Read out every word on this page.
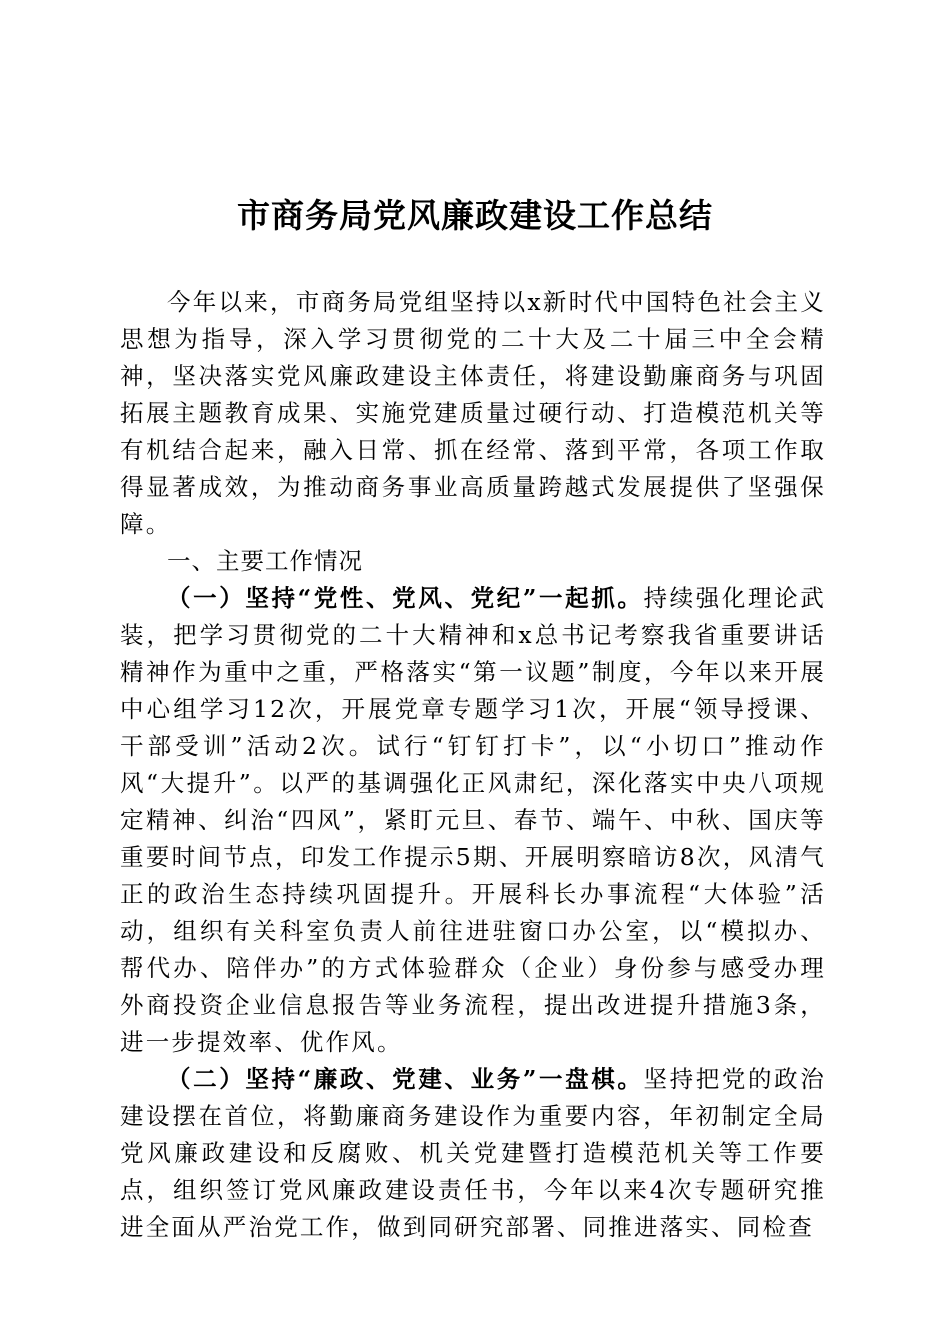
市商务局党风廉政建设工作总结

今年以来，市商务局党组坚持以x新时代中国特色社会主义思想为指导，深入学习贯彻党的二十大及二十届三中全会精神，坚决落实党风廉政建设主体责任，将建设勤廉商务与巩固拓展主题教育成果、实施党建质量过硬行动、打造模范机关等有机结合起来，融入日常、抓在经常、落到平常，各项工作取得显著成效，为推动商务事业高质量跨越式发展提供了坚强保障。

一、主要工作情况

（一）坚持“党性、党风、党纪”一起抓。持续强化理论武装，把学习贯彻党的二十大精神和x总书记考察我省重要讲话精神作为重中之重，严格落实“第一议题”制度，今年以来开展中心组学习12次，开展党章专题学习1次，开展“领导授课、干部受训”活动2次。试行“钉钉打卡”，以“小切口”推动作风“大提升”。以严的基调强化正风肃纪，深化落实中央八项规定精神、纠治“四风”，紧盯元旦、春节、端午、中秋、国庆等重要时间节点，印发工作提示5期、开展明察暗访8次，风清气正的政治生态持续巩固提升。开展科长办事流程“大体验”活动，组织有关科室负责人前往进驻窗口办公室，以“模拟办、帮代办、陪伴办”的方式体验群众（企业）身份参与感受办理外商投资企业信息报告等业务流程，提出改进提升措施3条，进一步提效率、优作风。

（二）坚持“廉政、党建、业务”一盘棋。坚持把党的政治建设摆在首位，将勤廉商务建设作为重要内容，年初制定全局党风廉政建设和反腐败、机关党建暨打造模范机关等工作要点，组织签订党风廉政建设责任书，今年以来4次专题研究推进全面从严治党工作，做到同研究部署、同推进落实、同检查
